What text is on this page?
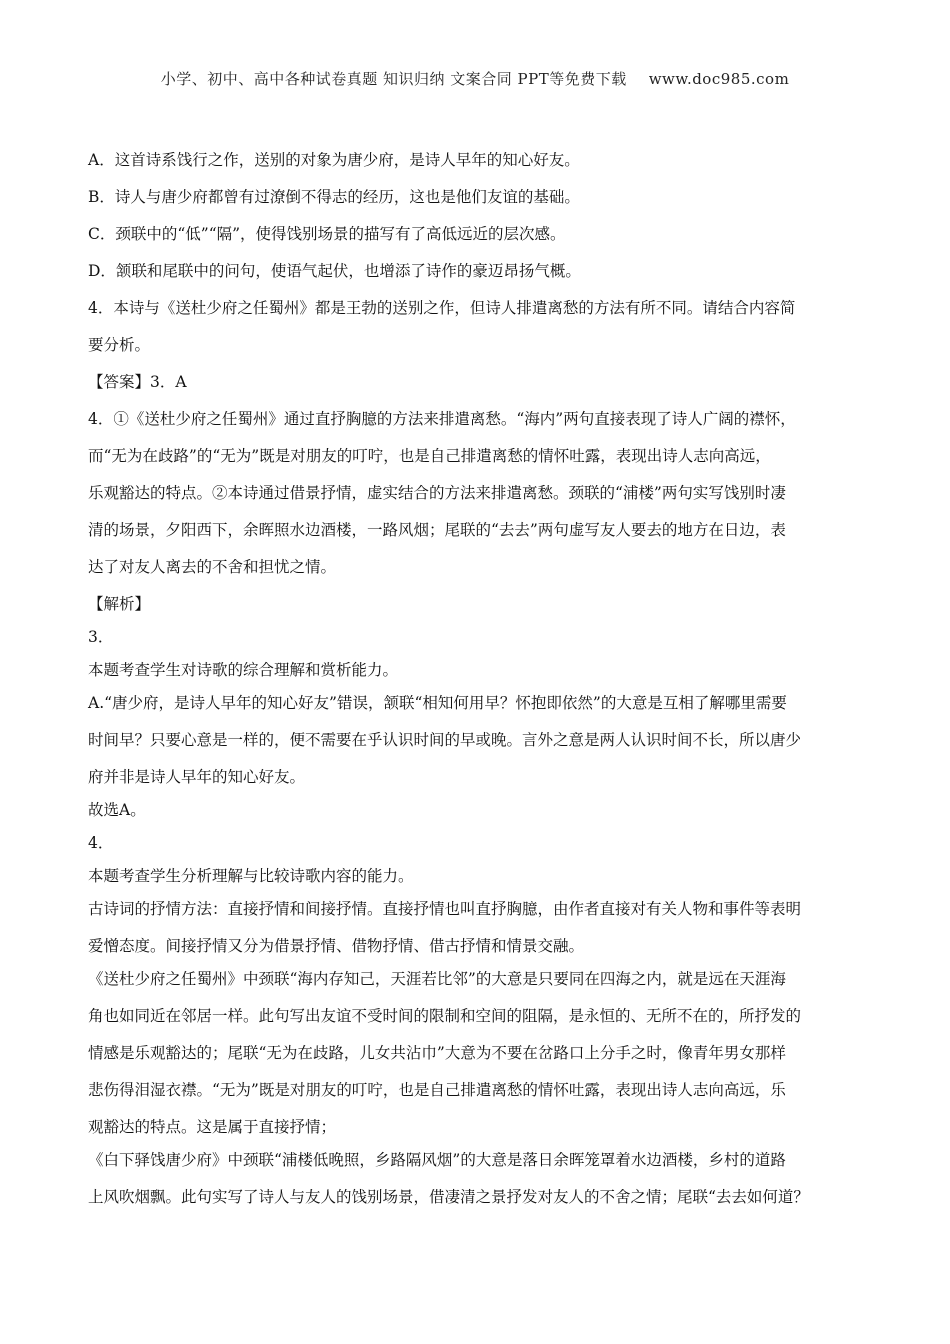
小学、初中、高中各种试卷真题 知识归纳 文案合同 PPT等免费下载 www.doc985.com

A．这首诗系饯行之作，送别的对象为唐少府，是诗人早年的知心好友。

B．诗人与唐少府都曾有过潦倒不得志的经历，这也是他们友谊的基础。

C．颈联中的“低”“隔”，使得饯别场景的描写有了高低远近的层次感。

D．颔联和尾联中的问句，使语气起伏，也增添了诗作的豪迈昂扬气概。

4．本诗与《送杜少府之任蜀州》都是王勃的送别之作，但诗人排遣离愁的方法有所不同。请结合内容简

要分析。

【答案】3．A

4．①《送杜少府之任蜀州》通过直抒胸臆的方法来排遣离愁。“海内”两句直接表现了诗人广阔的襟怀，

而“无为在歧路”的“无为”既是对朋友的叮咛，也是自己排遣离愁的情怀吐露，表现出诗人志向高远，

乐观豁达的特点。②本诗通过借景抒情，虚实结合的方法来排遣离愁。颈联的“浦楼”两句实写饯别时凄

清的场景，夕阳西下，余晖照水边酒楼，一路风烟；尾联的“去去”两句虚写友人要去的地方在日边，表

达了对友人离去的不舍和担忧之情。

【解析】

3．

本题考查学生对诗歌的综合理解和赏析能力。

A.“唐少府，是诗人早年的知心好友”错误，颔联“相知何用早？怀抱即依然”的大意是互相了解哪里需要

时间早？只要心意是一样的，便不需要在乎认识时间的早或晚。言外之意是两人认识时间不长，所以唐少

府并非是诗人早年的知心好友。

故选A。

4．

本题考查学生分析理解与比较诗歌内容的能力。

古诗词的抒情方法：直接抒情和间接抒情。直接抒情也叫直抒胸臆，由作者直接对有关人物和事件等表明

爱憎态度。间接抒情又分为借景抒情、借物抒情、借古抒情和情景交融。

《送杜少府之任蜀州》中颈联“海内存知己，天涯若比邻”的大意是只要同在四海之内，就是远在天涯海

角也如同近在邻居一样。此句写出友谊不受时间的限制和空间的阻隔，是永恒的、无所不在的，所抒发的

情感是乐观豁达的；尾联“无为在歧路，儿女共沾巾”大意为不要在岔路口上分手之时，像青年男女那样

悲伤得泪湿衣襟。“无为”既是对朋友的叮咛，也是自己排遣离愁的情怀吐露，表现出诗人志向高远，乐

观豁达的特点。这是属于直接抒情；

《白下驿饯唐少府》中颈联“浦楼低晚照，乡路隔风烟”的大意是落日余晖笼罩着水边酒楼，乡村的道路

上风吹烟飘。此句实写了诗人与友人的饯别场景，借凄清之景抒发对友人的不舍之情；尾联“去去如何道？
